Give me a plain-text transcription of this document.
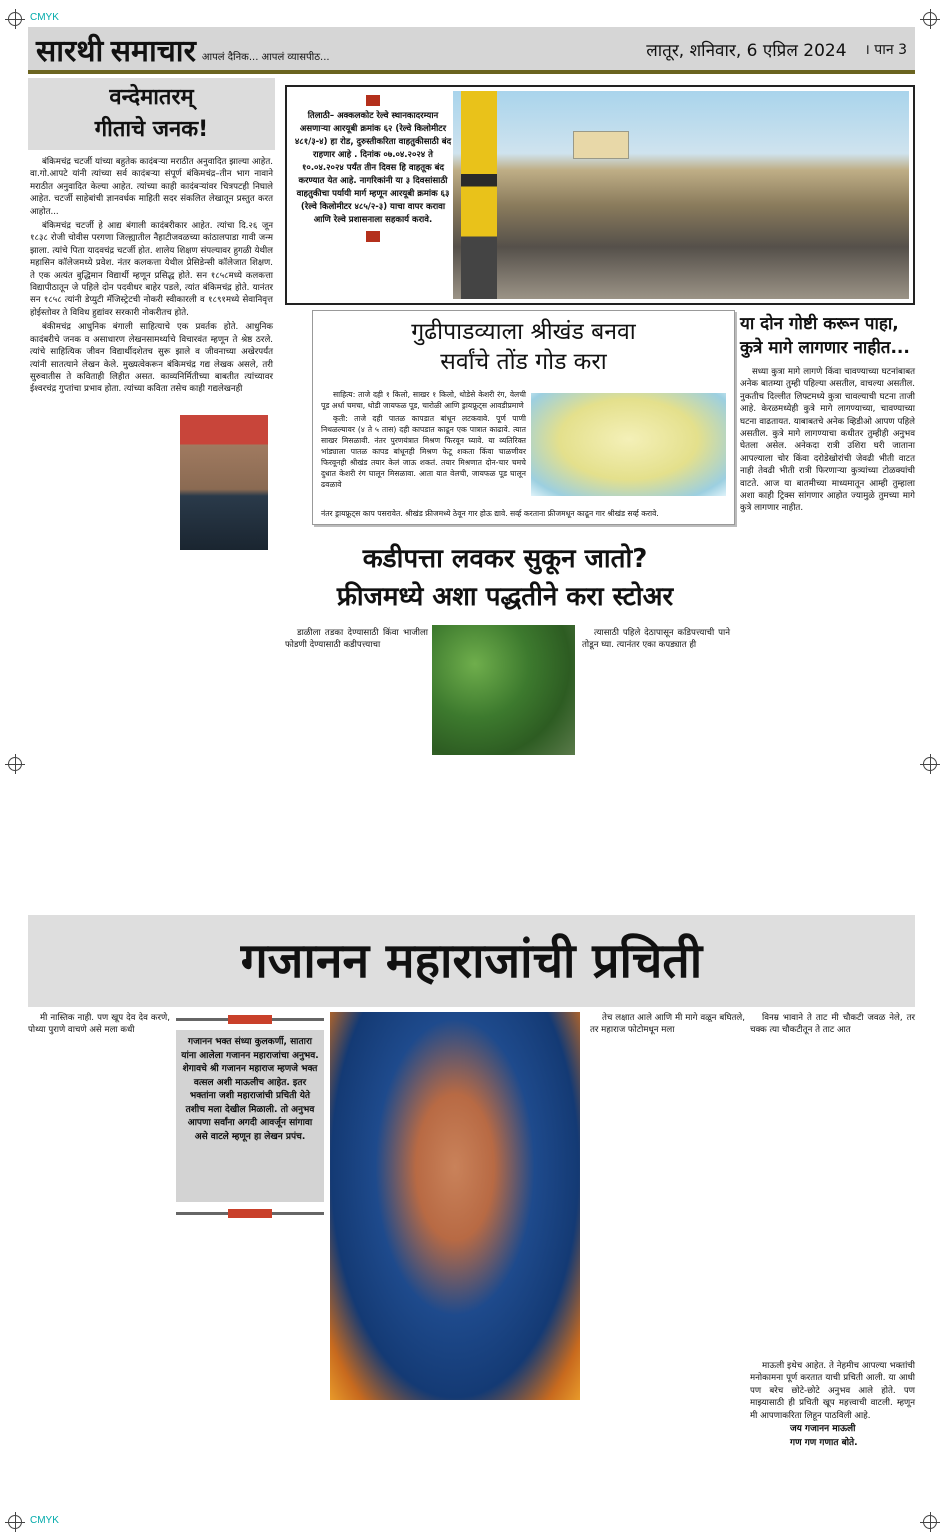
CMYK
CMYK
सारथी समाचार आपलं दैनिक... आपलं व्यासपीठ...	लातूर, शनिवार, 6 एप्रिल 2024 । पान 3
वन्देमातरम्
गीताचे जनक!

बंकिमचंद्र चटर्जी यांच्या बहुतेक कादंबऱ्या मराठीत अनुवादित झाल्या आहेत. वा.गो.आपटे यांनी त्यांच्या सर्व कादंबऱ्या संपूर्ण बंकिमचंद्र–तीन भाग नावाने मराठीत अनुवादित केल्या आहेत. त्यांच्या काही कादंबऱ्यांवर चित्रपटही निघाले आहेत. चटर्जी साहेबांची ज्ञानवर्धक माहिती सदर संकलित लेखातून प्रस्तुत करत आहोत...

बंकिमचंद्र चटर्जी हे आद्य बंगाली कादंबरीकार आहेत. त्यांचा दि.२६ जून १८३८ रोजी चोवीस परगणा जिल्ह्यातील नैहाटीजवळच्या कांठालपाडा गावी जन्म झाला. त्यांचे पिता यादवचंद्र चटर्जी होत. शालेय शिक्षण संपल्यावर हुगळी येथील महासिन कॉलेजमध्ये प्रवेश. नंतर कलकत्ता येथील प्रेसिडेन्सी कॉलेजात शिक्षण. ते एक अत्यंत बुद्धिमान विद्यार्थी म्हणून प्रसिद्ध होते. सन १८५८मध्ये कलकत्ता विद्यापीठातून जे पहिले दोन पदवीधर बाहेर पडले, त्यांत बंकिमचंद्र होते. यानंतर सन १८५८ त्यांनी डेप्युटी मॅजिस्ट्रेटची नोकरी स्वीकारली व १८९१मध्ये सेवानिवृत्त होईस्तोवर ते विविध हुद्यांवर सरकारी नोकरीतच होते.

बंकीमचंद्र आधुनिक बंगाली साहित्याचे एक प्रवर्तक होते. आधुनिक कादंबरीचे जनक व असाधारण लेखनसामर्थ्याचे विचारवंत म्हणून ते श्रेष्ठ ठरले. त्यांचे साहित्यिक जीवन विद्यार्थीदशेतच सुरू झाले व जीवनाच्या अखेरपर्यंत त्यांनी सातत्याने लेखन केले. मुख्यत्वेकरून बंकिमचंद्र गद्य लेखक असले, तरी सुरुवातीस ते कविताही लिहीत असत. काव्यनिर्मितीच्या बाबतीत त्यांच्यावर ईश्वरचंद्र गुप्तांचा प्रभाव होता. त्यांच्या कविता तसेच काही गद्यलेखनही

तिलाठी– अक्कलकोट रेल्वे स्थानकादरम्यान असणाऱ्या आरयूबी क्रमांक ६२ (रेल्वे किलोमीटर ४८१/३-४) हा रोड, दुरुस्तीकरिता वाहतुकीसाठी बंद राहणार आहे . दिनांक ०७.०४.२०२४ ते १०.०४.२०२४ पर्यंत तीन दिवस हि वाहतूक बंद करण्यात येत आहे. नागरिकांनी या ३ दिवसांसाठी वाहतुकीचा पर्यायी मार्ग म्हणून आरयूबी क्रमांक ६३ (रेल्वे किलोमीटर ४८५/२-३) याचा वापर करावा आणि रेल्वे प्रशासनाला सहकार्य करावे.
गुढीपाडव्याला श्रीखंड बनवा
सर्वांचे तोंड गोड करा

साहित्य: ताजे दही १ किलो, साखर १ किलो, थोडेसे केशरी रंग, वेलची पूड अर्धा चमचा, थोडी जायफळ पूड, चारोळी आणि ड्रायफ्रूट्स आवडीप्रमाणे

कृती: ताजे दही पातळ कापडात बांधून लटकवावे. पूर्ण पाणी निथळल्यावर (४ ते ५ तास) दही कापडात काढून एक पात्रात काढावे. त्यात साखर मिसळावी. नंतर पुरणयंत्रात मिश्रण फिरवून घ्यावे. या व्यतिरिक्त भांड्याला पातळ कापड बांधूनही मिश्रण फेटू शकता किंवा चाळणीवर फिरवूनही श्रीखंड तयार केलं जाऊ शकतं. तयार मिश्रणात दोन-चार चमचे दुधात केशरी रंग घालून मिसळावा. आता यात वेलची, जायफळ पूड घालून ढवळावे

नंतर ड्रायफ्रूट्स काप पसरावेत. श्रीखंड फ्रीजमध्ये ठेवून गार होऊ द्यावे. सर्व्ह करताना फ्रीजमधून काढून गार श्रीखंड सर्व्ह करावे.
या दोन गोष्टी करून पाहा, कुत्रे मागे लागणार नाहीत...

सध्या कुत्रा मागे लागणे किंवा चावण्याच्या घटनांबाबत अनेक बातम्या तुम्ही पहिल्या असतील, वाचल्या असतील. नुकतीच दिल्लीत लिफ्टमध्ये कुत्रा चावल्याची घटना ताजी आहे. केरळमध्येही कुत्रे मागे लागण्याच्या, चावण्याच्या घटना वाढतायत. याबाबतचे अनेक व्हिडीओ आपण पहिले असतील. कुत्रे मागे लागण्याचा कधीतर तुम्हीही अनुभव घेतला असेल. अनेकदा रात्री उशिरा घरी जाताना आपल्याला चोर किंवा दरोडेखोरांची जेवढी भीती वाटत नाही तेवढी भीती रात्री फिरणाऱ्या कुत्र्यांच्या टोळक्यांची वाटते. आज या बातमीच्या माध्यमातून आम्ही तुम्हाला अशा काही ट्रिक्स सांगणार आहोत ज्यामुळे तुमच्या मागे कुत्रे लागणार नाहीत.

कडीपत्ता लवकर सुकून जातो?
फ्रीजमध्ये अशा पद्धतीने करा स्टोअर
डाळीला तडका देण्यासाठी किंवा भाजीला फोडणी देण्यासाठी कडीपत्त्याचा
त्यासाठी पहिले देठापासून कडिपत्त्याची पाने तोडून घ्या. त्यानंतर एका कपड्यात ही
गजानन महाराजांची प्रचिती
मी नास्तिक नाही. पण खूप देव देव करणे, पोथ्या पुराणे वाचणे असे मला कधी
गजानन भक्त संध्या कुलकर्णी, सातारा यांना आलेला गजानन महाराजांचा अनुभव. शेगावचे श्री गजानन महाराज म्हणजे भक्त वत्सल अशी माऊलीच आहेत. इतर भक्तांना जशी महाराजांची प्रचिती येते तशीच मला देखील मिळाली. तो अनुभव आपणा सर्वांना अगदी आवर्जून सांगावा असे वाटले म्हणून हा लेखन प्रपंच.
तेच लक्षात आले आणि मी मागे वळून बघितले, तर महाराज फोटोमधून मला
विनम्र भावाने ते ताट मी चौकटी जवळ नेले, तर चक्क त्या चौकटीतून ते ताट आत
माऊली इथेच आहेत. ते नेहमीच आपल्या भक्तांची मनोकामना पूर्ण करतात याची प्रचिती आली. या आधी पण बरेच छोटे-छोटे अनुभव आले होते. पण माझ्यासाठी ही प्रचिती खूप महत्त्वाची वाटली. म्हणून मी आपणाकरिता लिहून पाठविली आहे.
जय गजानन माऊली
गण गण गणात बोते.
